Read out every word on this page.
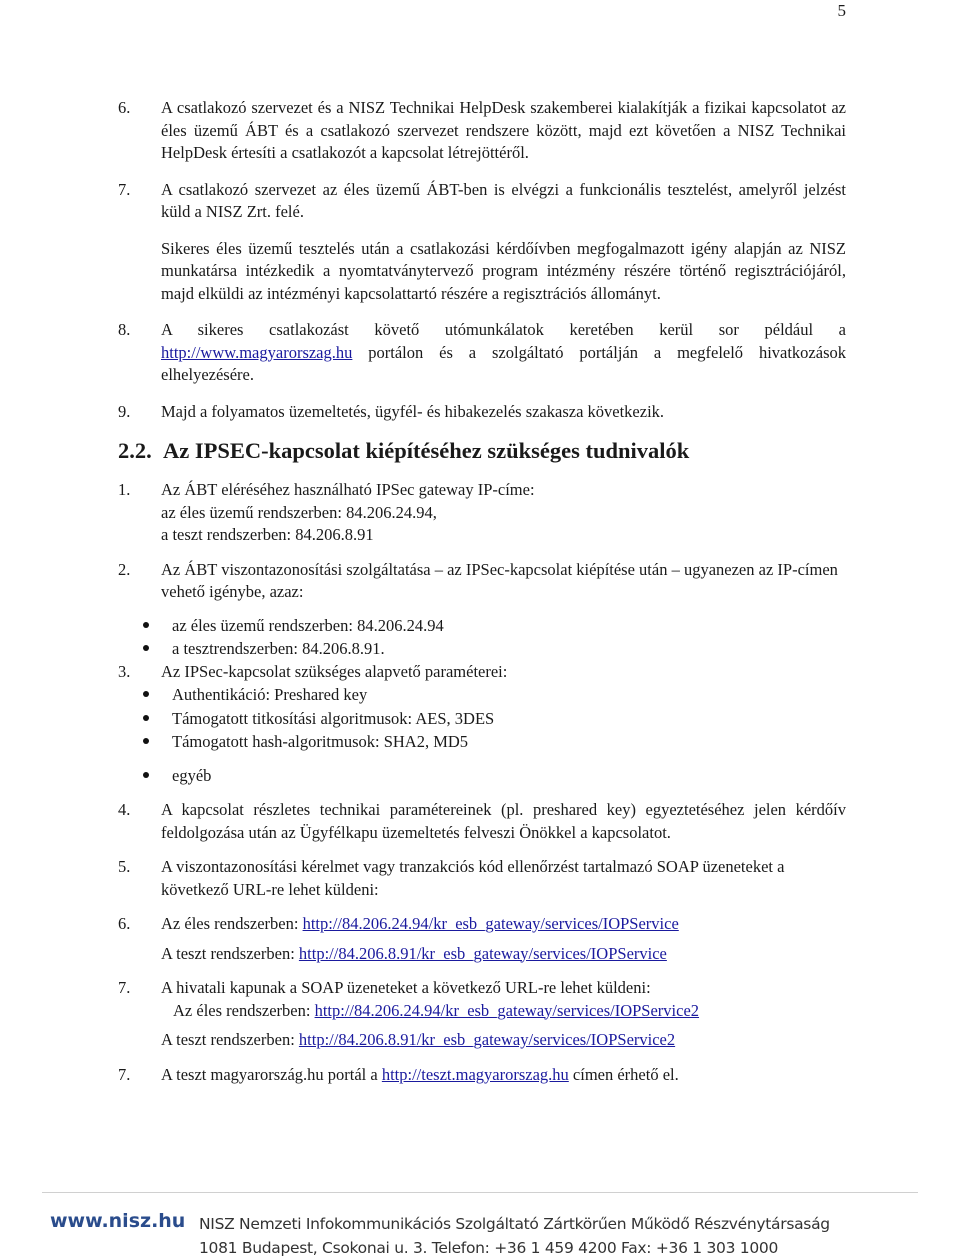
5
6. A csatlakozó szervezet és a NISZ Technikai HelpDesk szakemberei kialakítják a fizikai kapcsolatot az éles üzemű ÁBT és a csatlakozó szervezet rendszere között, majd ezt követően a NISZ Technikai HelpDesk értesíti a csatlakozót a kapcsolat létrejöttéről.
7. A csatlakozó szervezet az éles üzemű ÁBT-ben is elvégzi a funkcionális tesztelést, amelyről jelzést küld a NISZ Zrt. felé.
Sikeres éles üzemű tesztelés után a csatlakozási kérdőívben megfogalmazott igény alapján az NISZ munkatársa intézkedik a nyomtatványtervező program intézmény részére történő regisztrációjáról, majd elküldi az intézményi kapcsolattartó részére a regisztrációs állományt.
8. A sikeres csatlakozást követő utómunkálatok keretében kerül sor például a http://www.magyarorszag.hu portálon és a szolgáltató portálján a megfelelő hivatkozások elhelyezésére.
9. Majd a folyamatos üzemeltetés, ügyfél- és hibakezelés szakasza következik.
2.2. Az IPSEC-kapcsolat kiépítéséhez szükséges tudnivalók
1. Az ÁBT eléréséhez használható IPSec gateway IP-címe:
az éles üzemű rendszerben: 84.206.24.94,
a teszt rendszerben: 84.206.8.91
2. Az ÁBT viszontazonosítási szolgáltatása – az IPSec-kapcsolat kiépítése után – ugyanezen az IP-címen vehető igénybe, azaz:
az éles üzemű rendszerben: 84.206.24.94
a tesztrendszerben: 84.206.8.91.
3. Az IPSec-kapcsolat szükséges alapvető paraméterei:
Authentikáció: Preshared key
Támogatott titkosítási algoritmusok: AES, 3DES
Támogatott hash-algoritmusok: SHA2, MD5
egyéb
4. A kapcsolat részletes technikai paramétereinek (pl. preshared key) egyeztetéséhez jelen kérdőív feldolgozása után az Ügyfélkapu üzemeltetés felveszi Önökkel a kapcsolatot.
5. A viszontazonosítási kérelmet vagy tranzakciós kód ellenőrzést tartalmazó SOAP üzeneteket a következő URL-re lehet küldeni:
6. Az éles rendszerben: http://84.206.24.94/kr_esb_gateway/services/IOPService
A teszt rendszerben: http://84.206.8.91/kr_esb_gateway/services/IOPService
7. A hivatali kapunak a SOAP üzeneteket a következő URL-re lehet küldeni:
Az éles rendszerben: http://84.206.24.94/kr_esb_gateway/services/IOPService2
A teszt rendszerben: http://84.206.8.91/kr_esb_gateway/services/IOPService2
7. A teszt magyarország.hu portál a http://teszt.magyarorszag.hu címen érhető el.
www.nisz.hu NISZ Nemzeti Infokommunikációs Szolgáltató Zártkörűen Működő Részvénytársaság
1081 Budapest, Csokonai u. 3. Telefon: +36 1 459 4200 Fax: +36 1 303 1000
